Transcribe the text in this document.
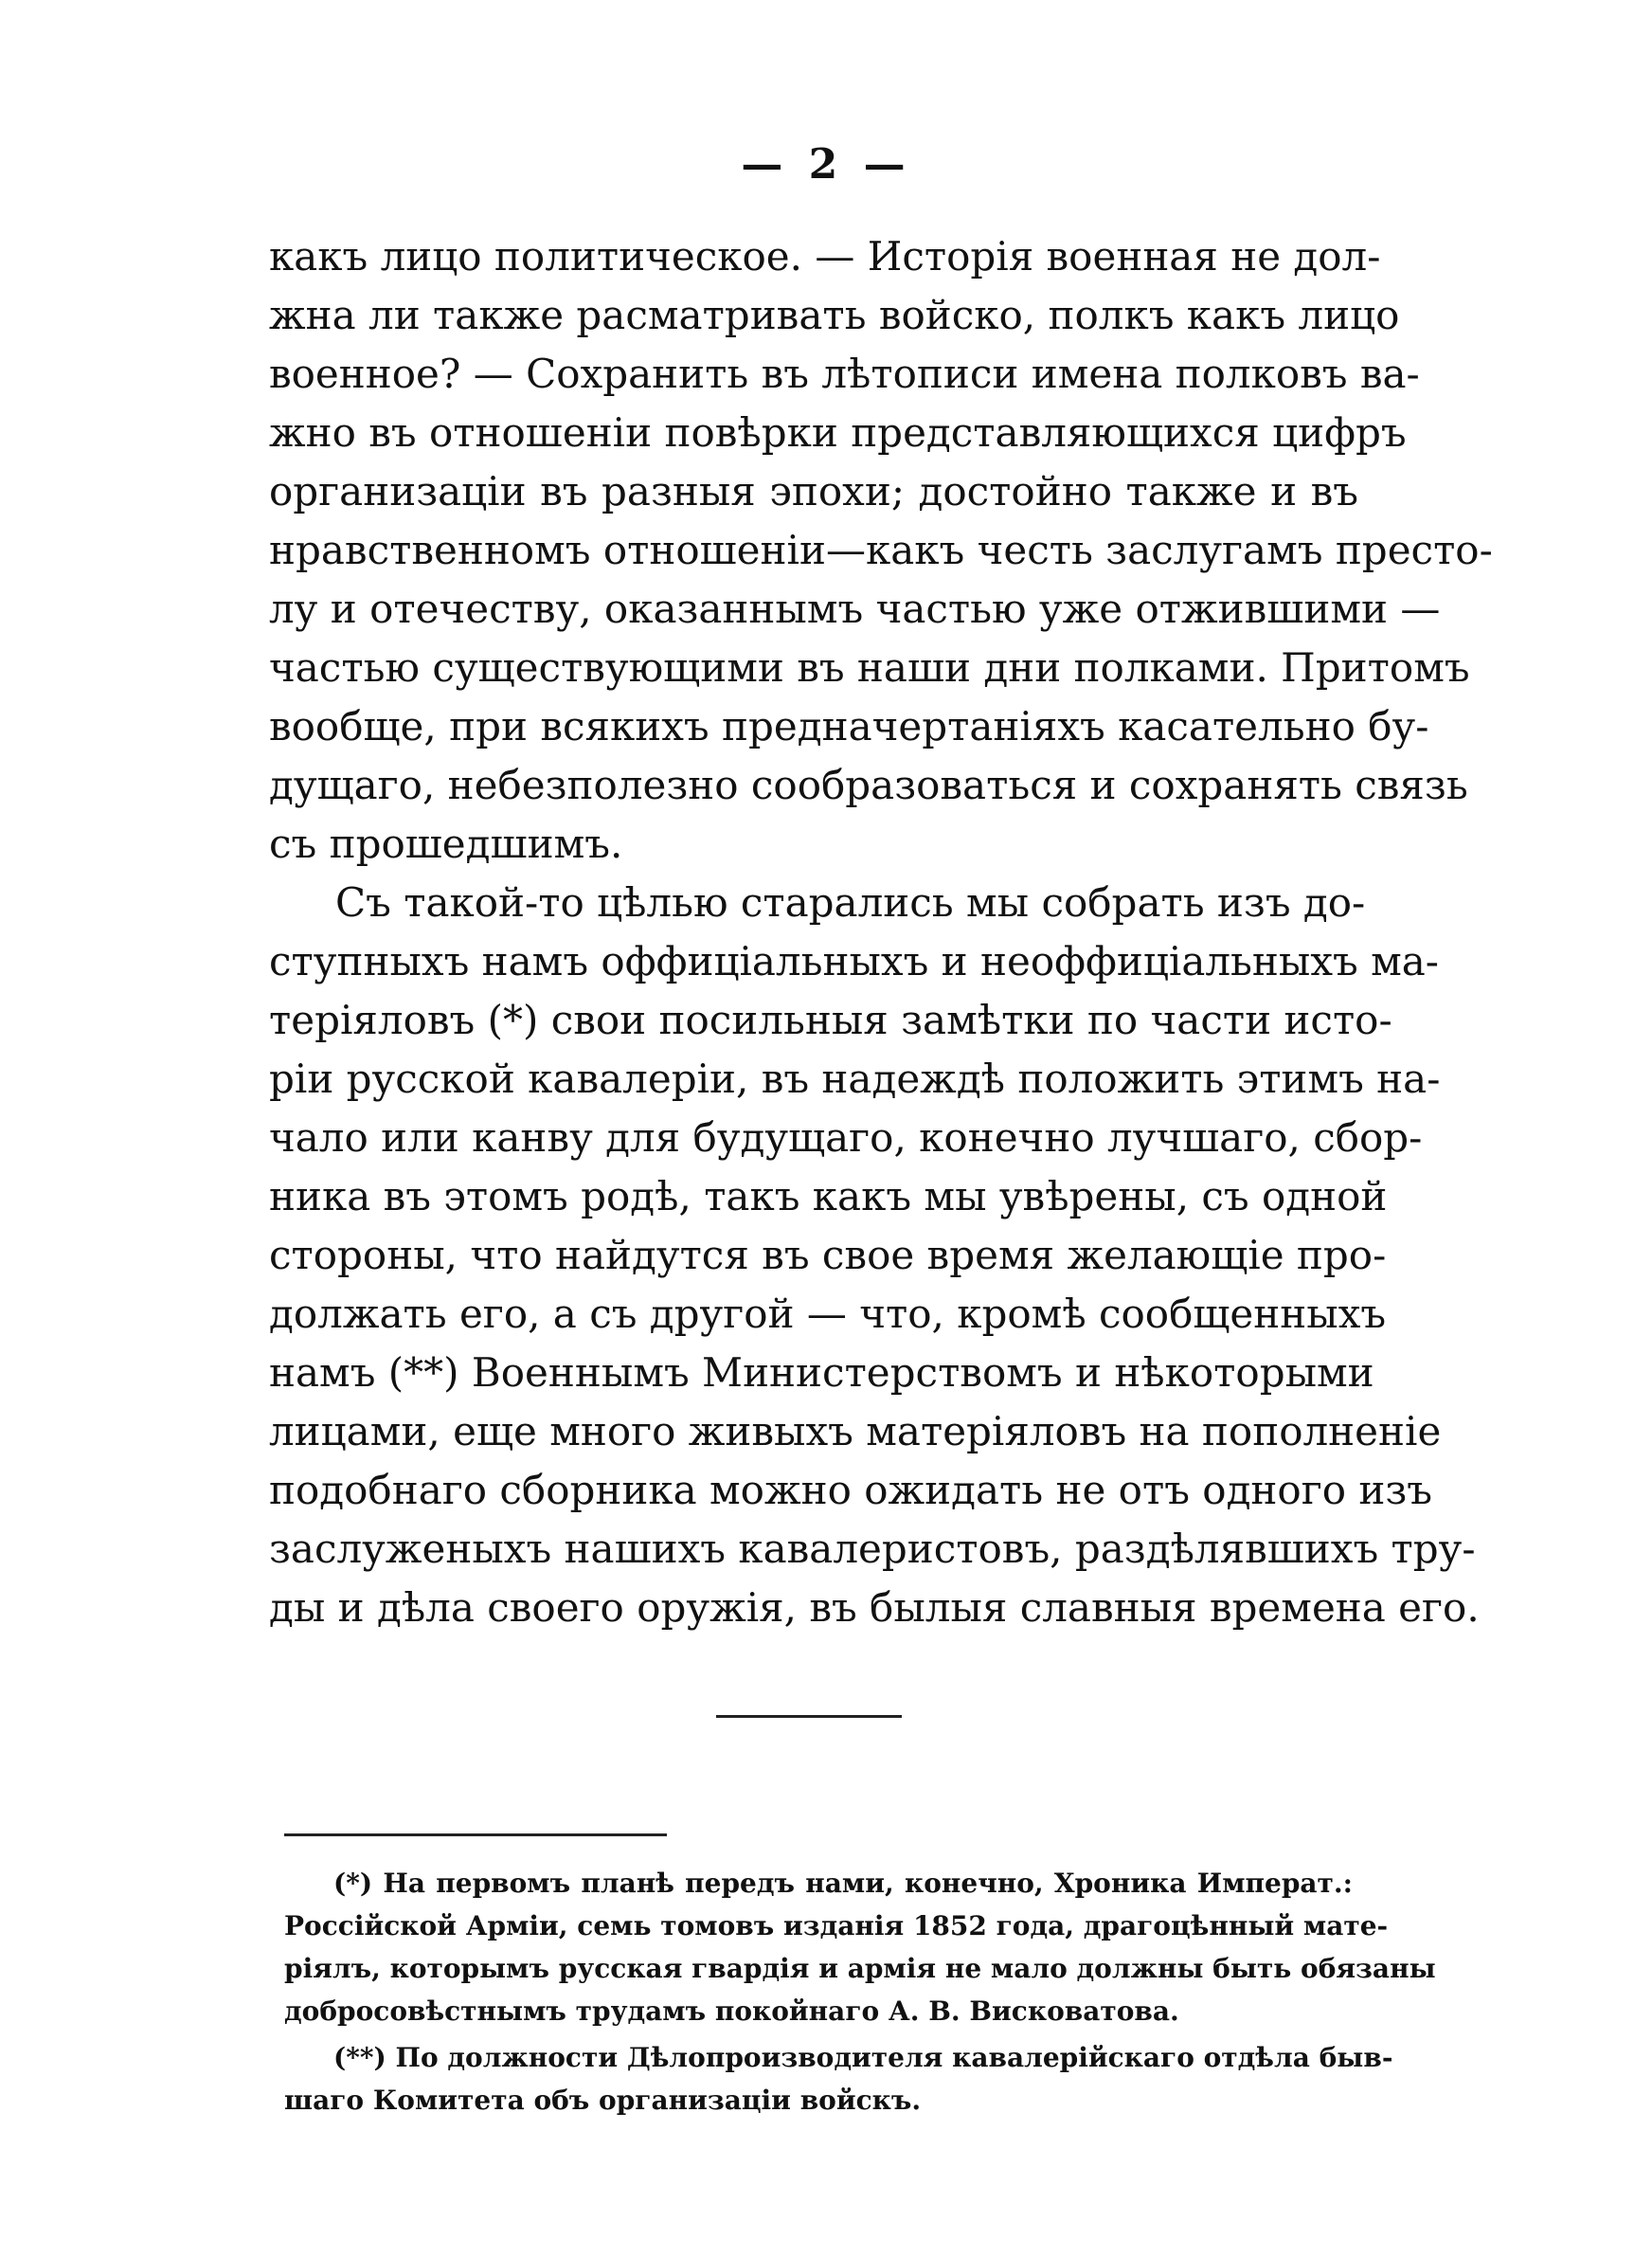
— 2 —
какъ лицо политическое. — Исторія военная не дол-
жна ли также расматривать войско, полкъ какъ лицо
военное? — Сохранить въ лѣтописи имена полковъ ва-
жно въ отношеніи повѣрки представляющихся цифръ
организаціи въ разныя эпохи; достойно также и въ
нравственномъ отношеніи—какъ честь заслугамъ престо-
лу и отечеству, оказаннымъ частью уже отжившими —
частью существующими въ наши дни полками. Притомъ
вообще, при всякихъ предначертаніяхъ касательно бу-
дущаго, небезполезно сообразоваться и сохранять связь
съ прошедшимъ.
Съ такой-то цѣлью старались мы собрать изъ до-
ступныхъ намъ оффиціальныхъ и неоффиціальныхъ ма-
теріяловъ (*) свои посильныя замѣтки по части исто-
ріи русской кавалеріи, въ надеждѣ положить этимъ на-
чало или канву для будущаго, конечно лучшаго, сбор-
ника въ этомъ родѣ, такъ какъ мы увѣрены, съ одной
стороны, что найдутся въ свое время желающіе про-
должать его, а съ другой — что, кромѣ сообщенныхъ
намъ (**) Военнымъ Министерствомъ и нѣкоторыми
лицами, еще много живыхъ матеріяловъ на пополненіе
подобнаго сборника можно ожидать не отъ одного изъ
заслуженыхъ нашихъ кавалеристовъ, раздѣлявшихъ тру-
ды и дѣла своего оружія, въ былыя славныя времена его.
(*) На первомъ планѣ передъ нами, конечно, Хроника Императ.:
Россійской Арміи, семь томовъ изданія 1852 года, драгоцѣнный мате-
ріялъ, которымъ русская гвардія и армія не мало должны быть обязаны
добросовѣстнымъ трудамъ покойнаго А. В. Висковатова.
(**) По должности Дѣлопроизводителя кавалерійскаго отдѣла быв-
шаго Комитета объ организаціи войскъ.
